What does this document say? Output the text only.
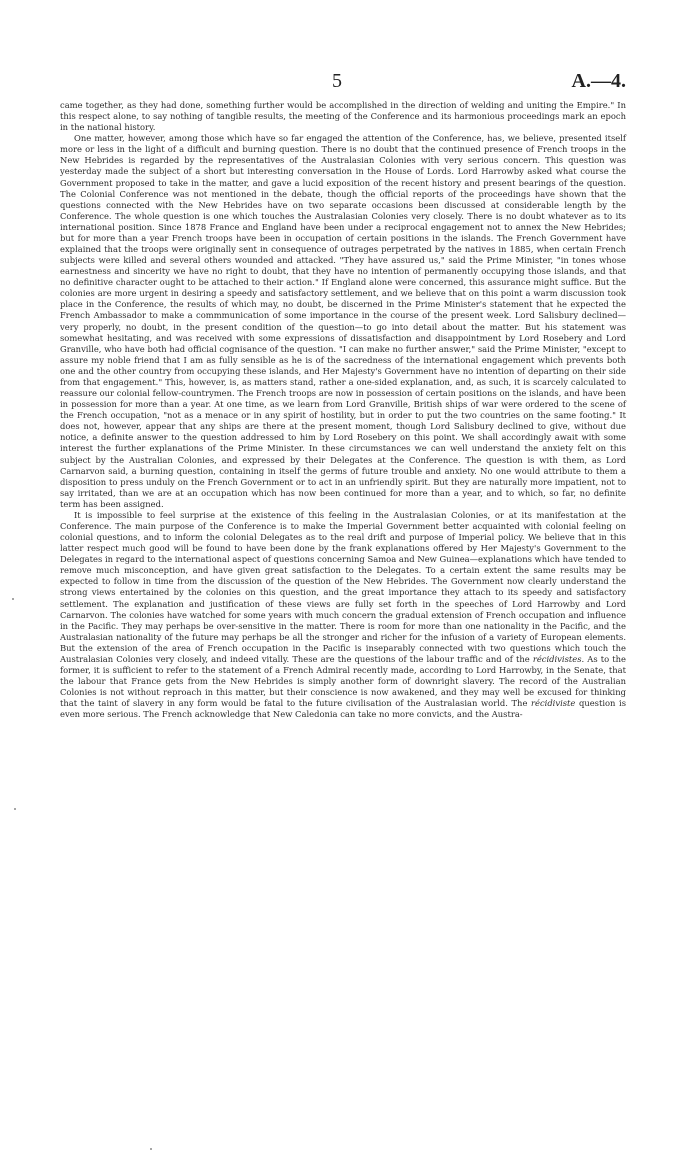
5	A.—4.

came together, as they had done, something further would be accomplished in the direction of welding and uniting the Empire." In this respect alone, to say nothing of tangible results, the meeting of the Conference and its harmonious proceedings mark an epoch in the national history.

One matter, however, among those which have so far engaged the attention of the Conference, has, we believe, presented itself more or less in the light of a difficult and burning question. There is no doubt that the continued presence of French troops in the New Hebrides is regarded by the representatives of the Australasian Colonies with very serious concern. This question was yesterday made the subject of a short but interesting conversation in the House of Lords. Lord Harrowby asked what course the Government proposed to take in the matter, and gave a lucid exposition of the recent history and present bearings of the question. The Colonial Conference was not mentioned in the debate, though the official reports of the proceedings have shown that the questions connected with the New Hebrides have on two separate occasions been discussed at considerable length by the Conference. The whole question is one which touches the Australasian Colonies very closely. There is no doubt whatever as to its international position. Since 1878 France and England have been under a reciprocal engagement not to annex the New Hebrides; but for more than a year French troops have been in occupation of certain positions in the islands. The French Government have explained that the troops were originally sent in consequence of outrages perpetrated by the natives in 1885, when certain French subjects were killed and several others wounded and attacked. "They have assured us," said the Prime Minister, "in tones whose earnestness and sincerity we have no right to doubt, that they have no intention of permanently occupying those islands, and that no definitive character ought to be attached to their action." If England alone were concerned, this assurance might suffice. But the colonies are more urgent in desiring a speedy and satisfactory settlement, and we believe that on this point a warm discussion took place in the Conference, the results of which may, no doubt, be discerned in the Prime Minister's statement that he expected the French Ambassador to make a commmunication of some importance in the course of the present week. Lord Salisbury declined—very properly, no doubt, in the present condition of the question—to go into detail about the matter. But his statement was somewhat hesitating, and was received with some expressions of dissatisfaction and disappointment by Lord Rosebery and Lord Granville, who have both had official cognisance of the question. "I can make no further answer," said the Prime Minister, "except to assure my noble friend that I am as fully sensible as he is of the sacredness of the international engagement which prevents both one and the other country from occupying these islands, and Her Majesty's Government have no intention of departing on their side from that engagement." This, however, is, as matters stand, rather a one-sided explanation, and, as such, it is scarcely calculated to reassure our colonial fellow-countrymen. The French troops are now in possession of certain positions on the islands, and have been in possession for more than a year. At one time, as we learn from Lord Granville, British ships of war were ordered to the scene of the French occupation, "not as a menace or in any spirit of hostility, but in order to put the two countries on the same footing." It does not, however, appear that any ships are there at the present moment, though Lord Salisbury declined to give, without due notice, a definite answer to the question addressed to him by Lord Rosebery on this point. We shall accordingly await with some interest the further explanations of the Prime Minister. In these circumstances we can well understand the anxiety felt on this subject by the Australian Colonies, and expressed by their Delegates at the Conference. The question is with them, as Lord Carnarvon said, a burning question, containing in itself the germs of future trouble and anxiety. No one would attribute to them a disposition to press unduly on the French Government or to act in an unfriendly spirit. But they are naturally more impatient, not to say irritated, than we are at an occupation which has now been continued for more than a year, and to which, so far, no definite term has been assigned.

It is impossible to feel surprise at the existence of this feeling in the Australasian Colonies, or at its manifestation at the Conference. The main purpose of the Conference is to make the Imperial Government better acquainted with colonial feeling on colonial questions, and to inform the colonial Delegates as to the real drift and purpose of Imperial policy. We believe that in this latter respect much good will be found to have been done by the frank explanations offered by Her Majesty's Government to the Delegates in regard to the international aspect of questions concerning Samoa and New Guinea—explanations which have tended to remove much misconception, and have given great satisfaction to the Delegates. To a certain extent the same results may be expected to follow in time from the discussion of the question of the New Hebrides. The Government now clearly understand the strong views entertained by the colonies on this question, and the great importance they attach to its speedy and satisfactory settlement. The explanation and justification of these views are fully set forth in the speeches of Lord Harrowby and Lord Carnarvon. The colonies have watched for some years with much concern the gradual extension of French occupation and influence in the Pacific. They may perhaps be over-sensitive in the matter. There is room for more than one nationality in the Pacific, and the Australasian nationality of the future may perhaps be all the stronger and richer for the infusion of a variety of European elements. But the extension of the area of French occupation in the Pacific is inseparably connected with two questions which touch the Australasian Colonies very closely, and indeed vitally. These are the questions of the labour traffic and of the récidivistes. As to the former, it is sufficient to refer to the statement of a French Admiral recently made, according to Lord Harrowby, in the Senate, that the labour that France gets from the New Hebrides is simply another form of downright slavery. The record of the Australian Colonies is not without reproach in this matter, but their conscience is now awakened, and they may well be excused for thinking that the taint of slavery in any form would be fatal to the future civilisation of the Australasian world. The récidiviste question is even more serious. The French acknowledge that New Caledonia can take no more convicts, and the Austra-
